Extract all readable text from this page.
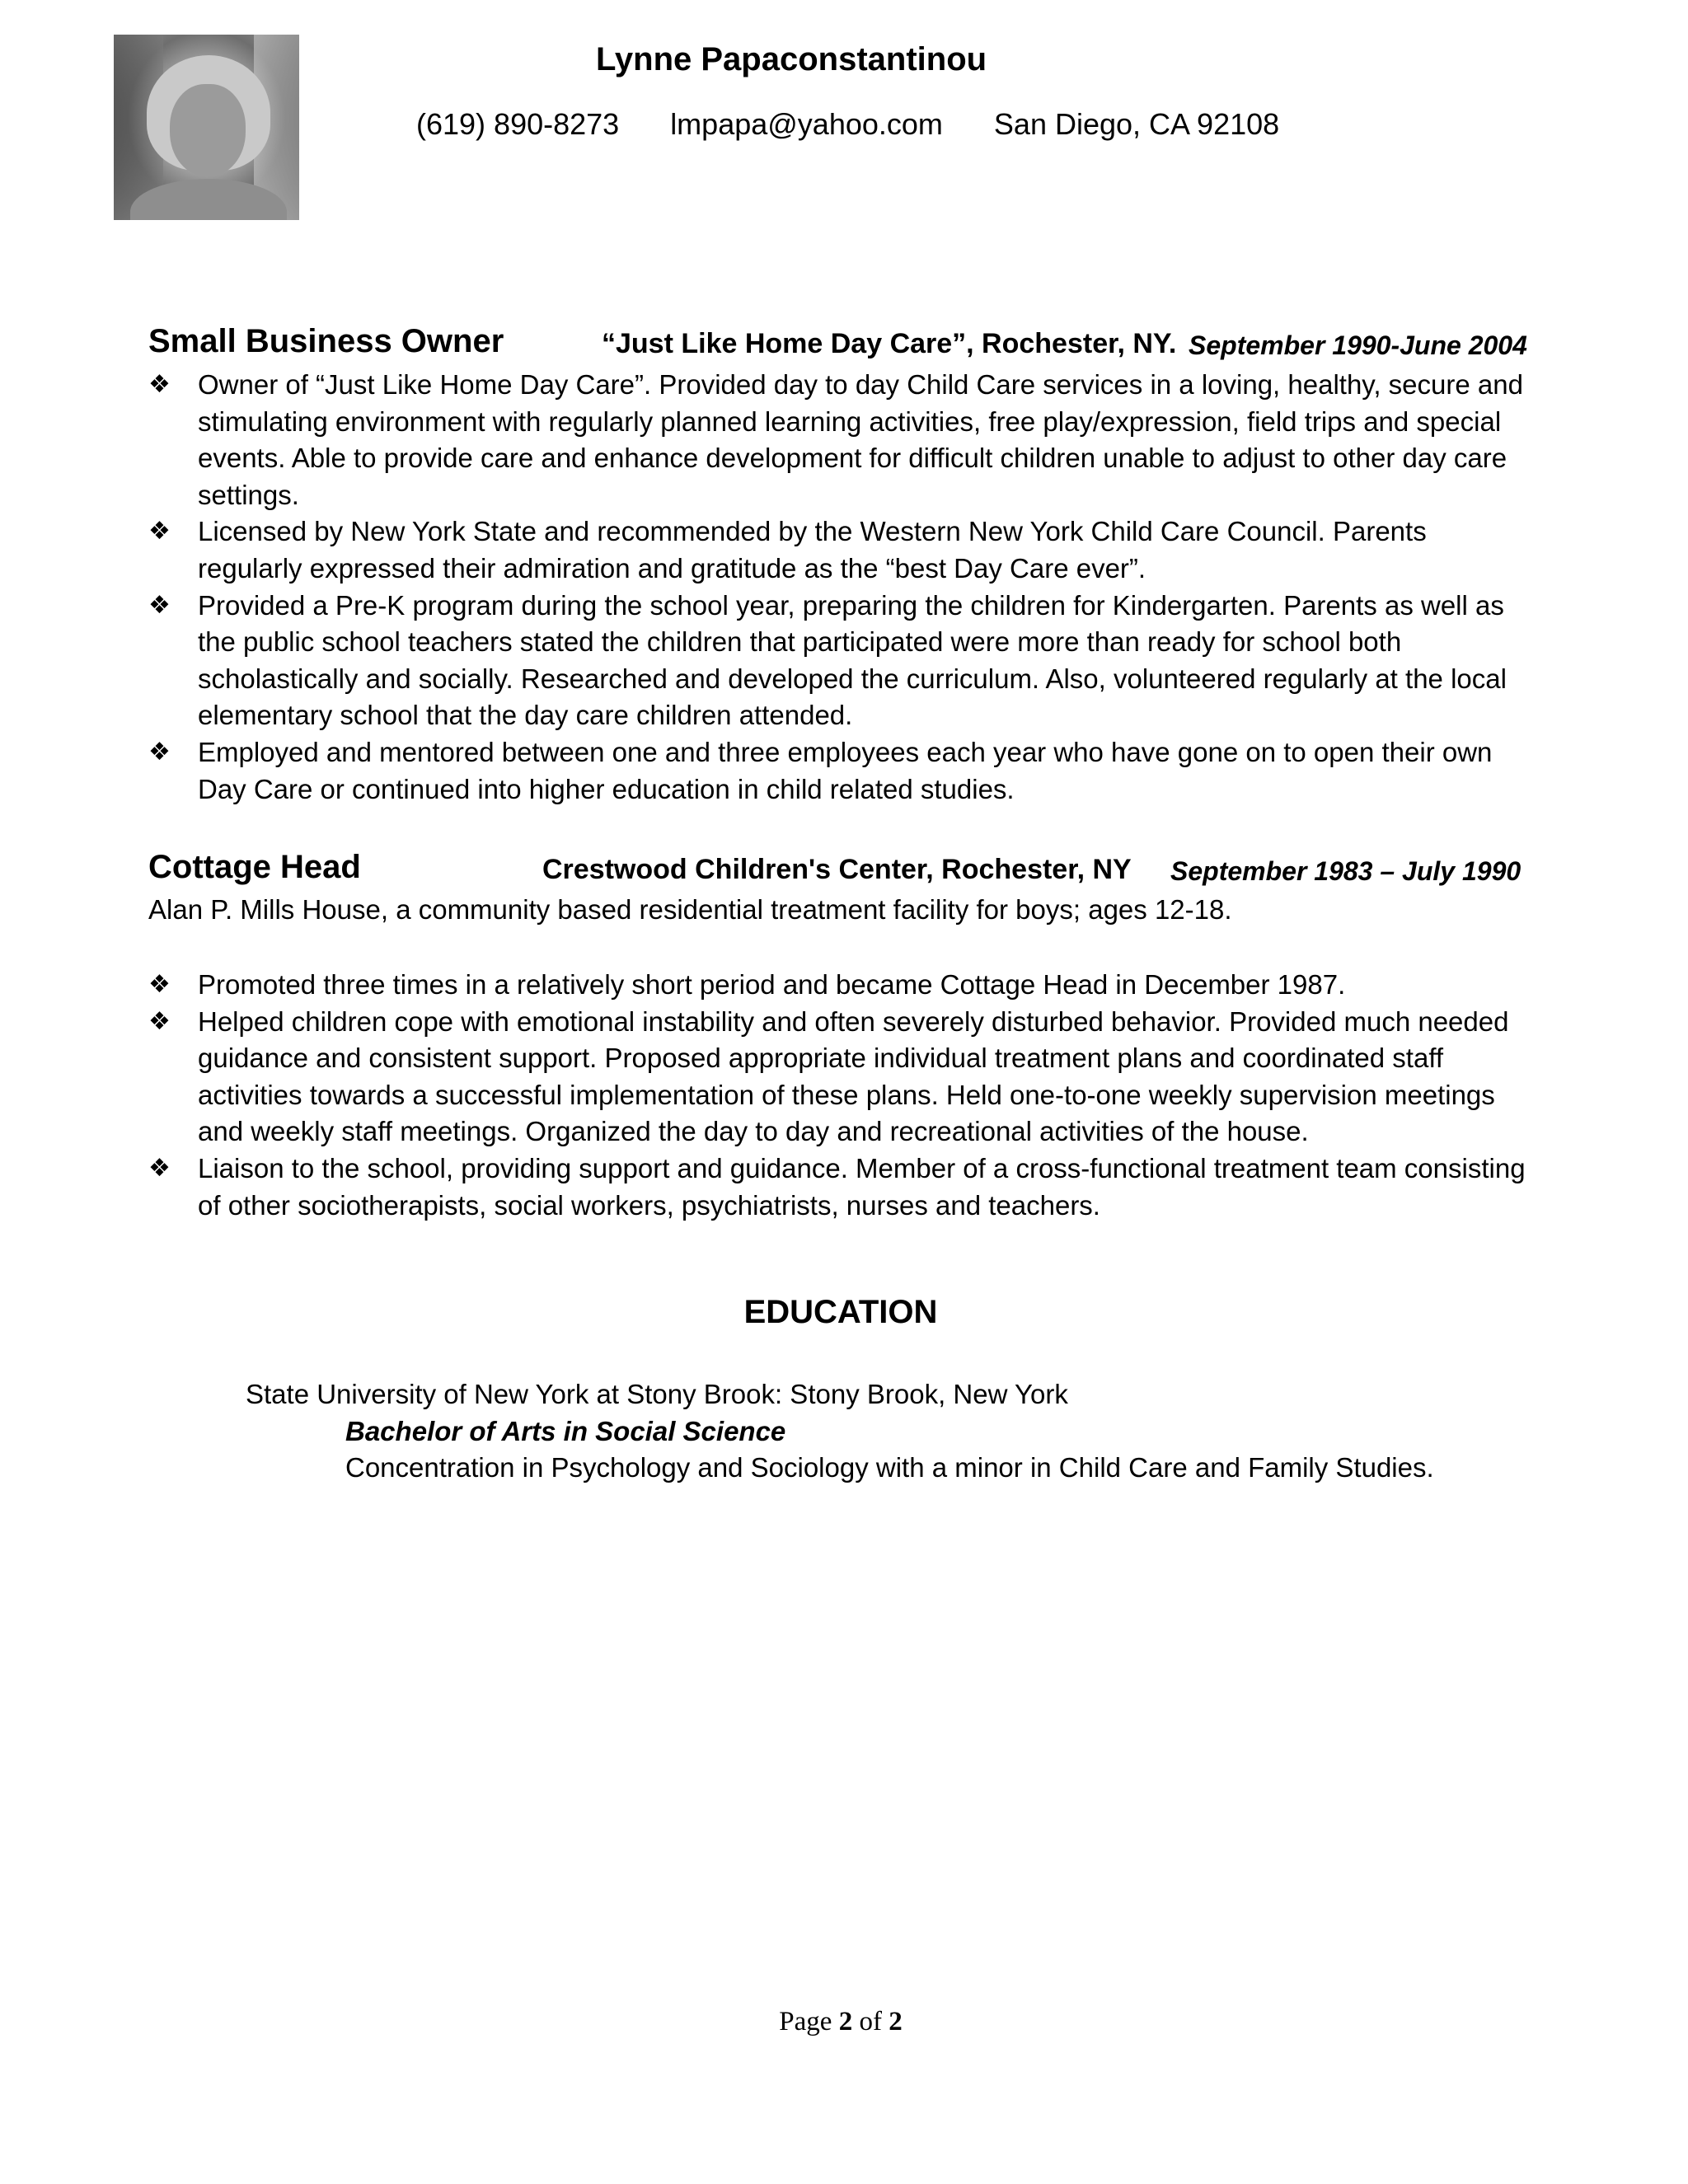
Lynne Papaconstantinou
(619) 890-8273 lmpapa@yahoo.com San Diego, CA 92108
Small Business Owner	“Just Like Home Day Care”, Rochester, NY. September 1990-June 2004
❖ Owner of “Just Like Home Day Care”. Provided day to day Child Care services in a loving, healthy, secure and stimulating environment with regularly planned learning activities, free play/expression, field trips and special events. Able to provide care and enhance development for difficult children unable to adjust to other day care settings.
❖ Licensed by New York State and recommended by the Western New York Child Care Council. Parents regularly expressed their admiration and gratitude as the “best Day Care ever”.
❖ Provided a Pre-K program during the school year, preparing the children for Kindergarten. Parents as well as the public school teachers stated the children that participated were more than ready for school both scholastically and socially. Researched and developed the curriculum. Also, volunteered regularly at the local elementary school that the day care children attended.
❖ Employed and mentored between one and three employees each year who have gone on to open their own Day Care or continued into higher education in child related studies.
Cottage Head	Crestwood Children's Center, Rochester, NY September 1983 – July 1990
Alan P. Mills House, a community based residential treatment facility for boys; ages 12-18.
❖ Promoted three times in a relatively short period and became Cottage Head in December 1987.
❖ Helped children cope with emotional instability and often severely disturbed behavior. Provided much needed guidance and consistent support. Proposed appropriate individual treatment plans and coordinated staff activities towards a successful implementation of these plans. Held one-to-one weekly supervision meetings and weekly staff meetings. Organized the day to day and recreational activities of the house.
❖ Liaison to the school, providing support and guidance. Member of a cross-functional treatment team consisting of other sociotherapists, social workers, psychiatrists, nurses and teachers.
EDUCATION
State University of New York at Stony Brook: Stony Brook, New York
Bachelor of Arts in Social Science
Concentration in Psychology and Sociology with a minor in Child Care and Family Studies.
Page 2 of 2
